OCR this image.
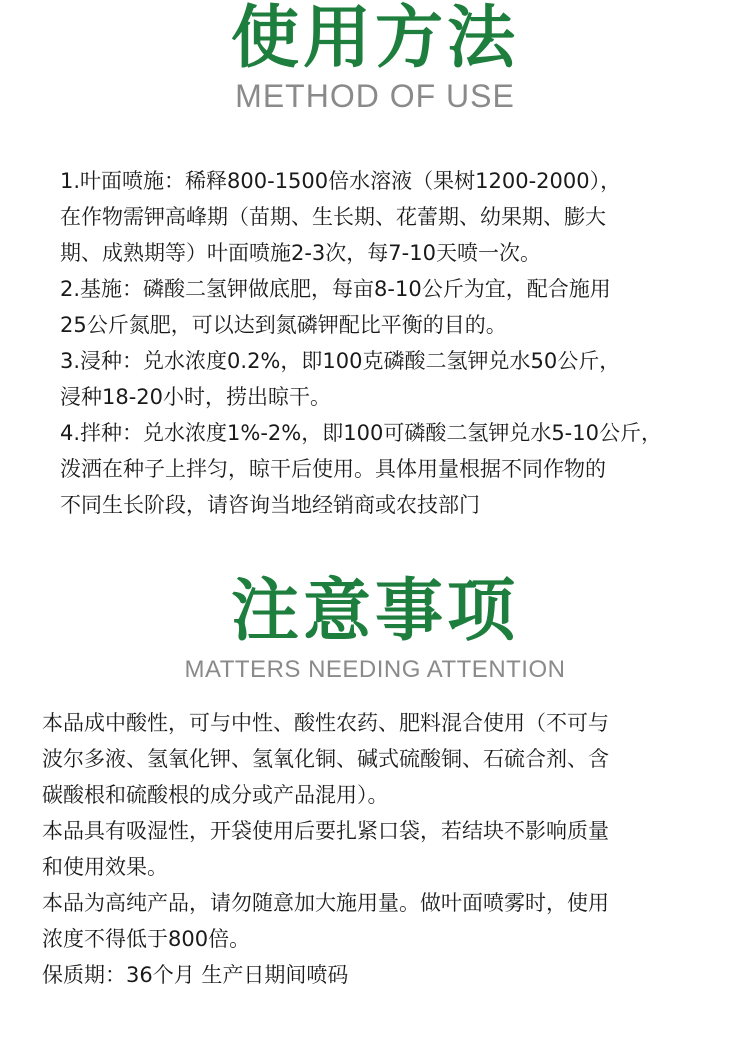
使用方法
METHOD OF USE
1.叶面喷施：稀释800-1500倍水溶液（果树1200-2000），
在作物需钾高峰期（苗期、生长期、花蕾期、幼果期、膨大
期、成熟期等）叶面喷施2-3次，每7-10天喷一次。
2.基施：磷酸二氢钾做底肥，每亩8-10公斤为宜，配合施用
25公斤氮肥，可以达到氮磷钾配比平衡的目的。
3.浸种：兑水浓度0.2%，即100克磷酸二氢钾兑水50公斤，
浸种18-20小时，捞出晾干。
4.拌种：兑水浓度1%-2%，即100可磷酸二氢钾兑水5-10公斤，
泼洒在种子上拌匀，晾干后使用。具体用量根据不同作物的
不同生长阶段，请咨询当地经销商或农技部门
注意事项
MATTERS NEEDING ATTENTION
本品成中酸性，可与中性、酸性农药、肥料混合使用（不可与
波尔多液、氢氧化钾、氢氧化铜、碱式硫酸铜、石硫合剂、含
碳酸根和硫酸根的成分或产品混用）。
本品具有吸湿性，开袋使用后要扎紧口袋，若结块不影响质量
和使用效果。
本品为高纯产品，请勿随意加大施用量。做叶面喷雾时，使用
浓度不得低于800倍。
保质期：36个月 生产日期间喷码
